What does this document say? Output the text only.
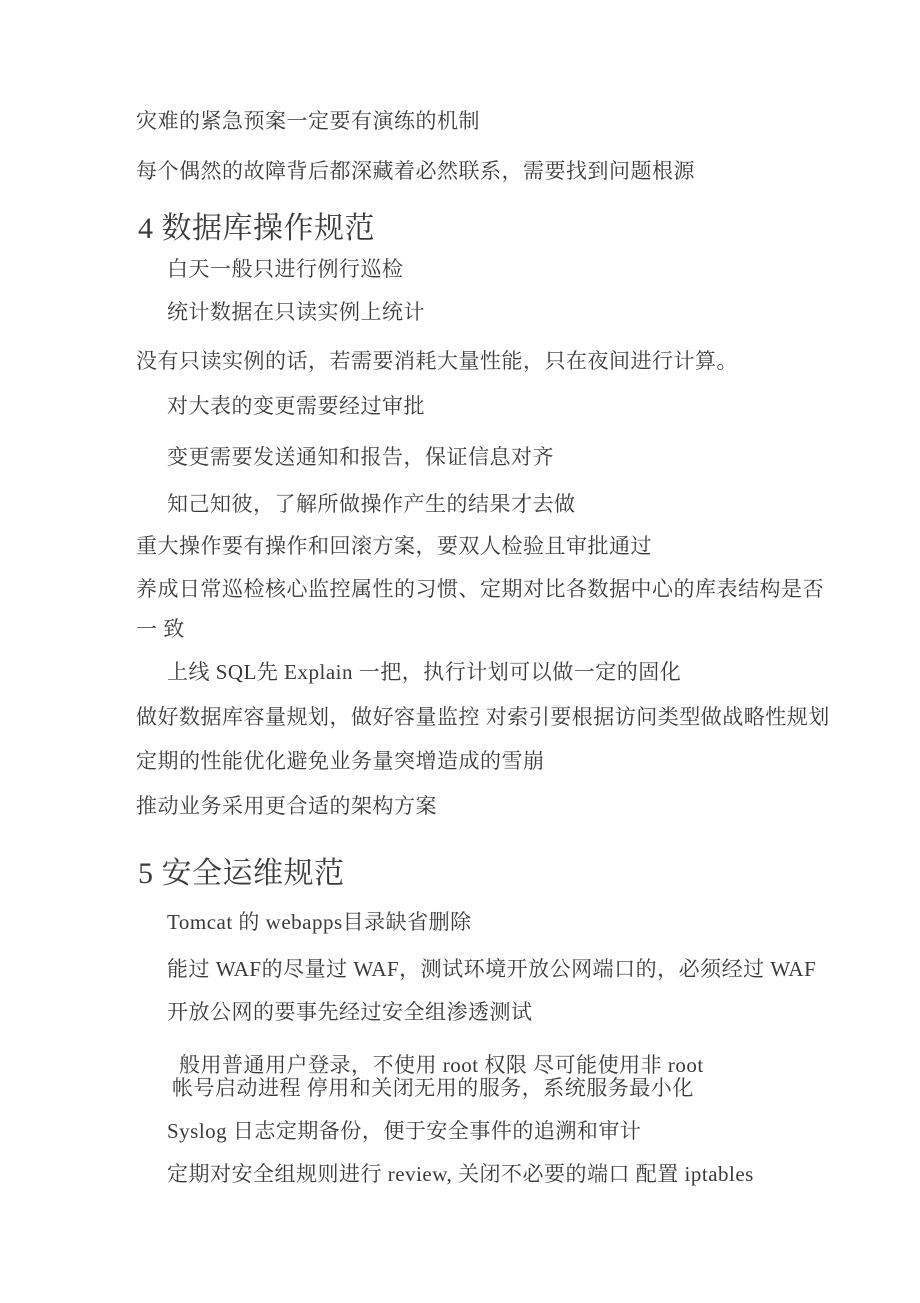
灾难的紧急预案一定要有演练的机制

每个偶然的故障背后都深藏着必然联系，需要找到问题根源

4 数据库操作规范

白天一般只进行例行巡检

统计数据在只读实例上统计

没有只读实例的话，若需要消耗大量性能，只在夜间进行计算。

对大表的变更需要经过审批

变更需要发送通知和报告，保证信息对齐

知己知彼，了解所做操作产生的结果才去做

重大操作要有操作和回滚方案，要双人检验且审批通过

养成日常巡检核心监控属性的习惯、定期对比各数据中心的库表结构是否

一 致

上线 SQL先 Explain 一把，执行计划可以做一定的固化

做好数据库容量规划，做好容量监控 对索引要根据访问类型做战略性规划

定期的性能优化避免业务量突增造成的雪崩

推动业务采用更合适的架构方案

5 安全运维规范

Tomcat 的 webapps目录缺省删除

能过 WAF的尽量过 WAF，测试环境开放公网端口的，必须经过 WAF

开放公网的要事先经过安全组渗透测试

般用普通用户登录，不使用 root 权限 尽可能使用非 root

帐号启动进程 停用和关闭无用的服务，系统服务最小化

Syslog 日志定期备份，便于安全事件的追溯和审计

定期对安全组规则进行 review, 关闭不必要的端口 配置 iptables
